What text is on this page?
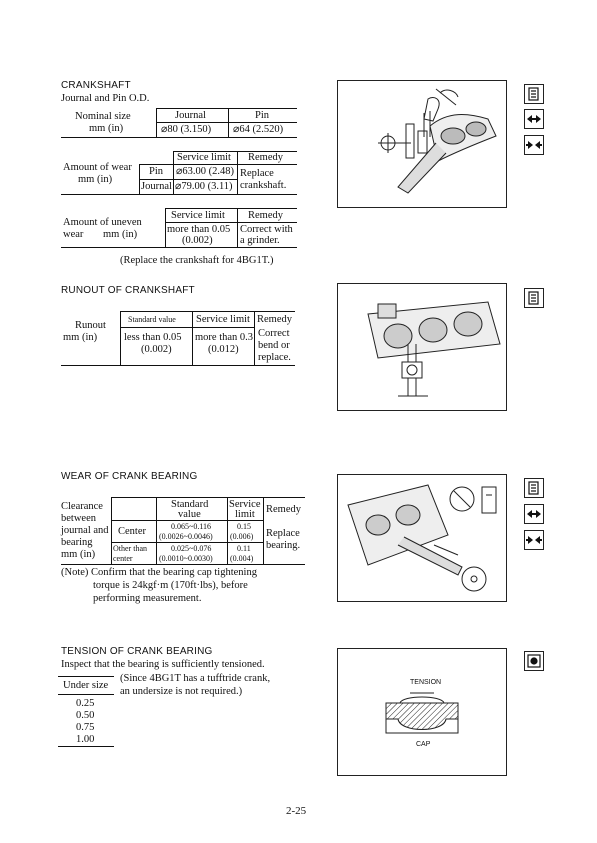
CRANKSHAFT
Journal and Pin O.D.
Nominal size
mm (in)
Journal	Pin
⌀80 (3.150) ⌀64 (2.520)
Amount of wear
mm (in)
Service limit Remedy
Pin ⌀63.00 (2.48)
Journal ⌀79.00 (3.11)
Replace
crankshaft.
Amount of uneven
wear mm (in)
Service limit Remedy
more than 0.05
(0.002)
Correct with
a grinder.
(Replace the crankshaft for 4BG1T.)
RUNOUT OF CRANKSHAFT
Runout
mm (in)
Standard value Service limit Remedy
less than 0.05
(0.002)
more than 0.3
(0.012)
Correct
bend or
replace.
WEAR OF CRANK BEARING
Clearance
between
journal and
bearing
mm (in)
Standard
value
Service
limit Remedy
Center	0.065~0.116
(0.0026~0.0046)
0.15
(0.006)
Other than
center
0.025~0.076
(0.0010~0.0030)
0.11
(0.004)
Replace
bearing.
(Note) Confirm that the bearing cap tightening
torque is 24kgf·m (170ft·lbs), before
performing measurement.
TENSION OF CRANK BEARING
Inspect that the bearing is sufficiently tensioned.
(Since 4BG1T has a tufftride crank,
an undersize is not required.)
Under size
0.25
0.50
0.75
1.00
TENSION
CAP
2-25
